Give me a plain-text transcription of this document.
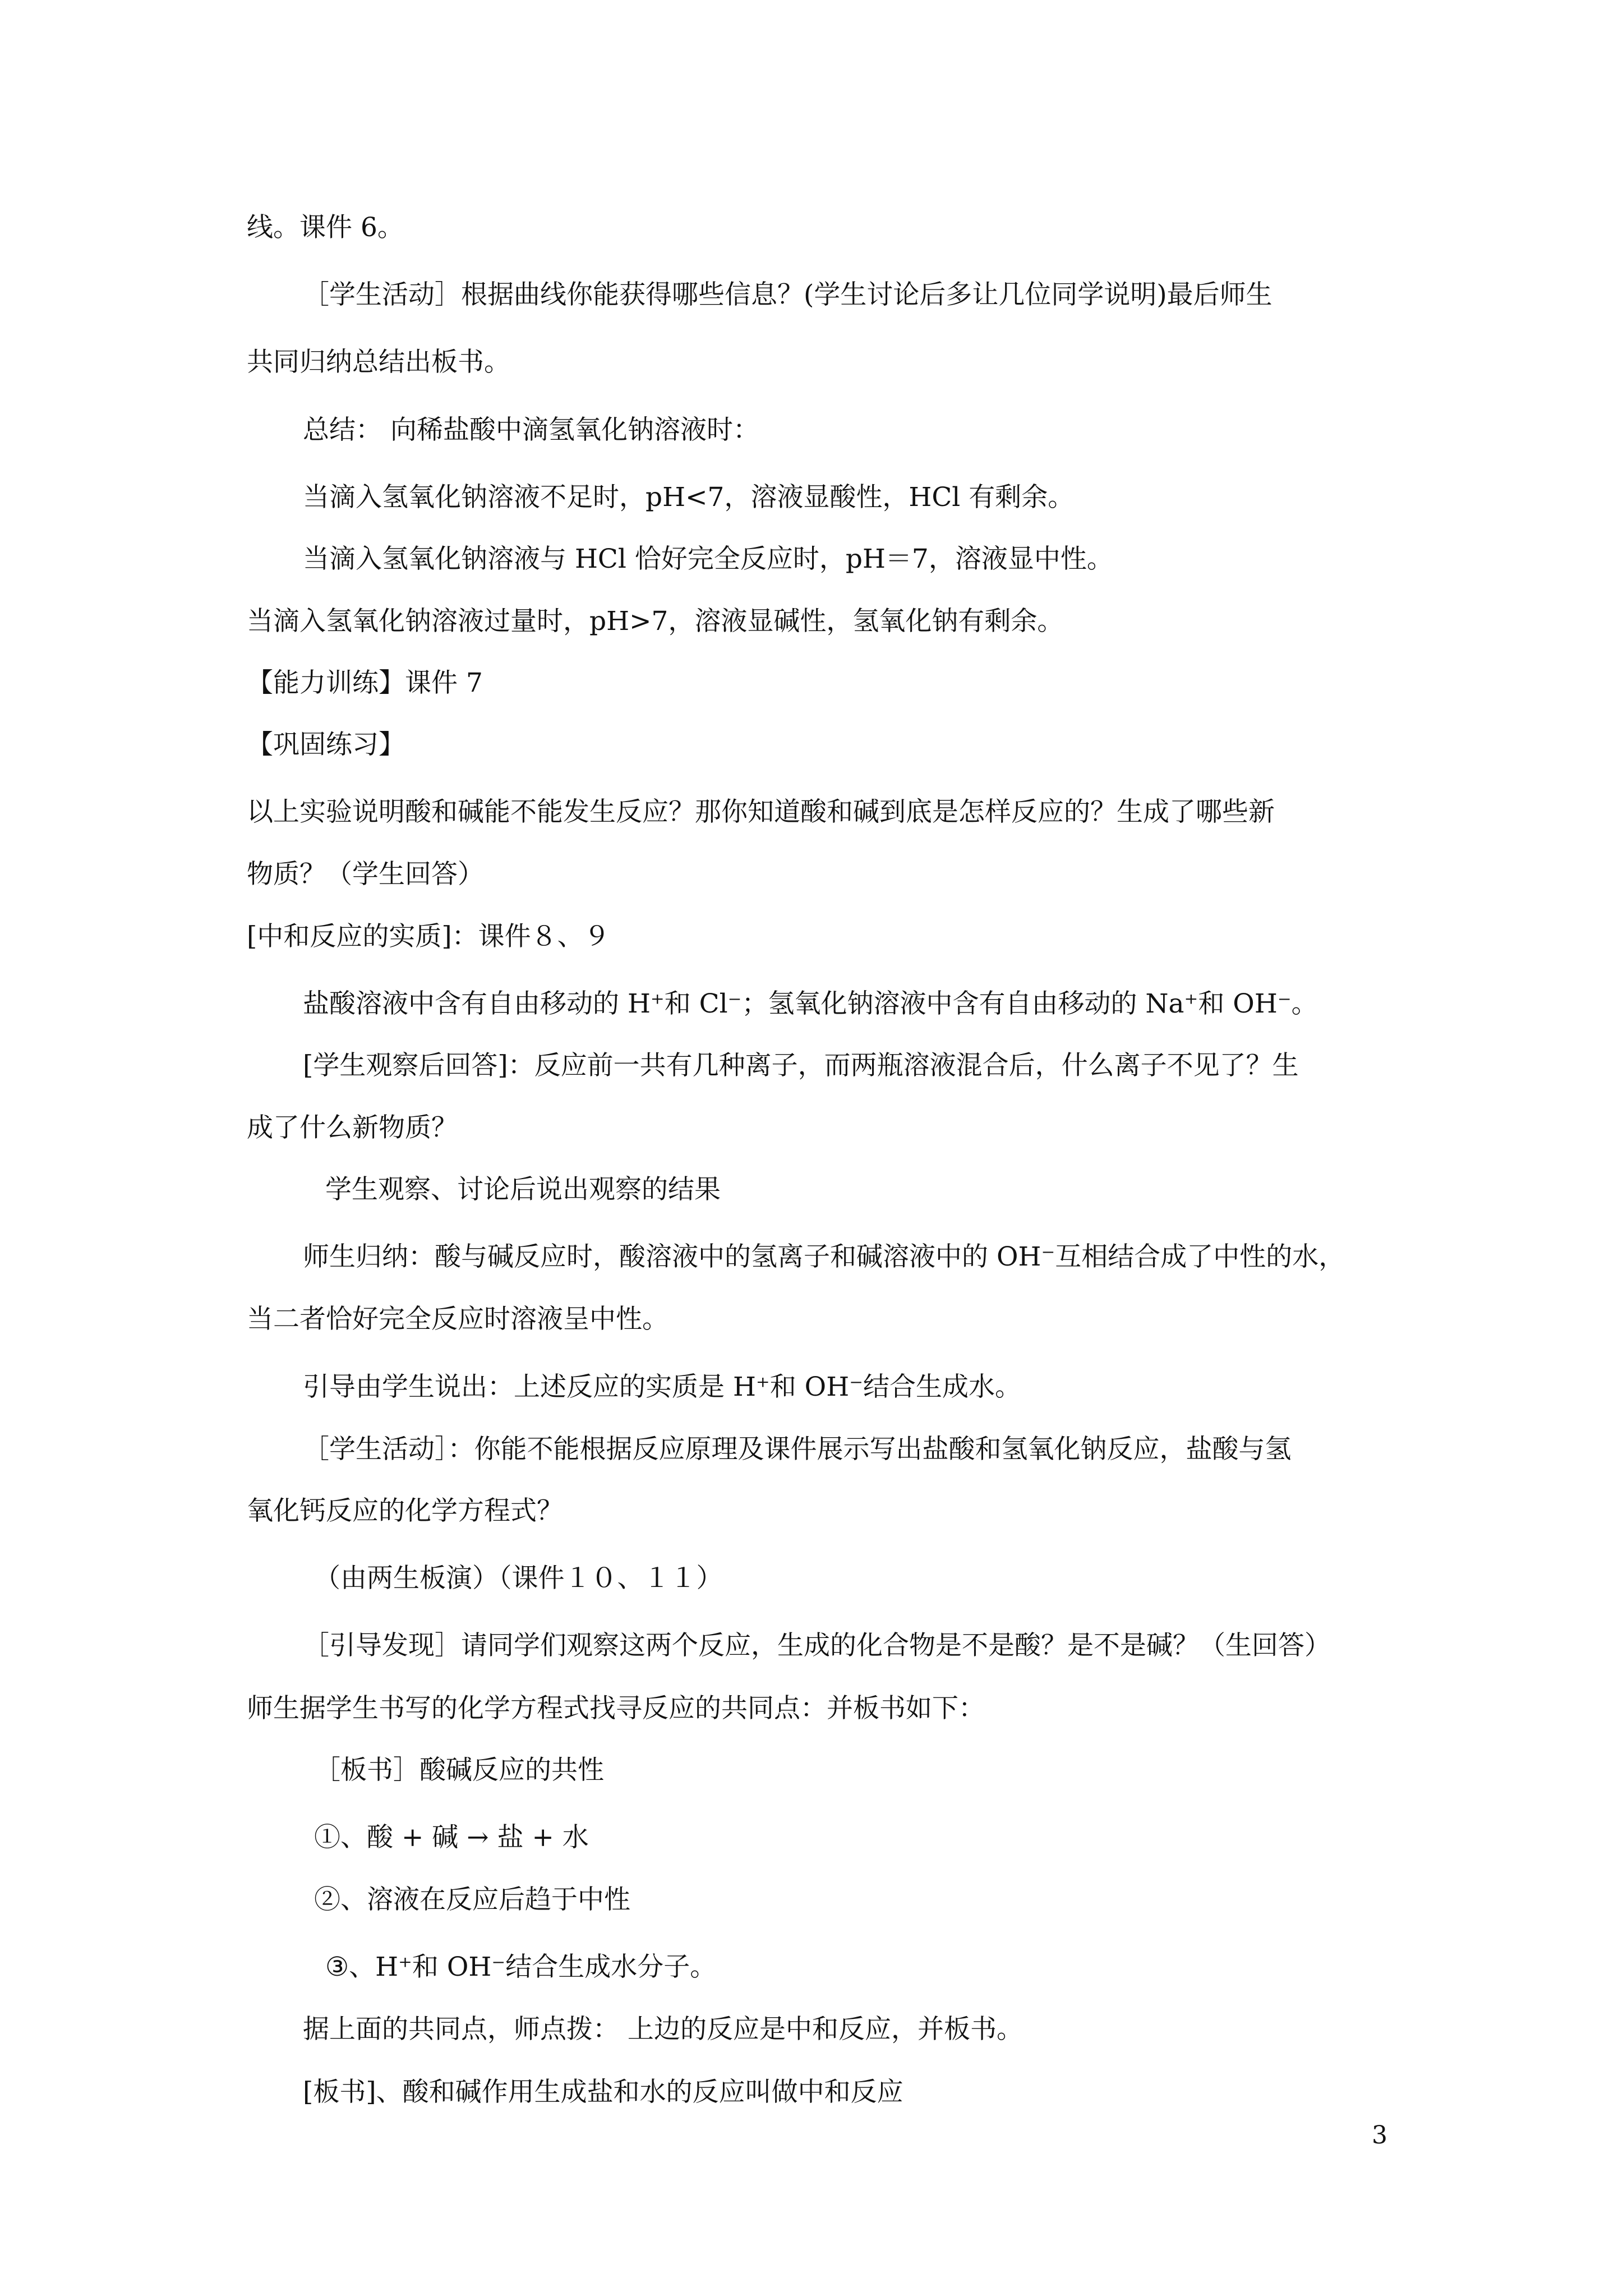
线。课件 6。
［学生活动］根据曲线你能获得哪些信息？(学生讨论后多让几位同学说明)最后师生
共同归纳总结出板书。
总结： 向稀盐酸中滴氢氧化钠溶液时：
当滴入氢氧化钠溶液不足时，pH<7，溶液显酸性，HCl 有剩余。
当滴入氢氧化钠溶液与 HCl 恰好完全反应时，pH＝7，溶液显中性。
当滴入氢氧化钠溶液过量时，pH>7，溶液显碱性，氢氧化钠有剩余。
【能力训练】课件 7
【巩固练习】
以上实验说明酸和碱能不能发生反应？那你知道酸和碱到底是怎样反应的？生成了哪些新
物质？（学生回答）
[中和反应的实质]：课件８、９
盐酸溶液中含有自由移动的 H⁺和 Cl⁻；氢氧化钠溶液中含有自由移动的 Na⁺和 OH⁻。
[学生观察后回答]：反应前一共有几种离子，而两瓶溶液混合后，什么离子不见了？生
成了什么新物质？
学生观察、讨论后说出观察的结果
师生归纳：酸与碱反应时，酸溶液中的氢离子和碱溶液中的 OH⁻互相结合成了中性的水，
当二者恰好完全反应时溶液呈中性。
引导由学生说出：上述反应的实质是 H⁺和 OH⁻结合生成水。
［学生活动］：你能不能根据反应原理及课件展示写出盐酸和氢氧化钠反应，盐酸与氢
氧化钙反应的化学方程式？
（由两生板演）（课件１０、１１）
［引导发现］请同学们观察这两个反应，生成的化合物是不是酸？是不是碱？（生回答）
师生据学生书写的化学方程式找寻反应的共同点：并板书如下：
［板书］酸碱反应的共性
①、酸 + 碱 → 盐 + 水
②、溶液在反应后趋于中性
③、H⁺和 OH⁻结合生成水分子。
据上面的共同点，师点拨： 上边的反应是中和反应，并板书。
[板书]、酸和碱作用生成盐和水的反应叫做中和反应
3
